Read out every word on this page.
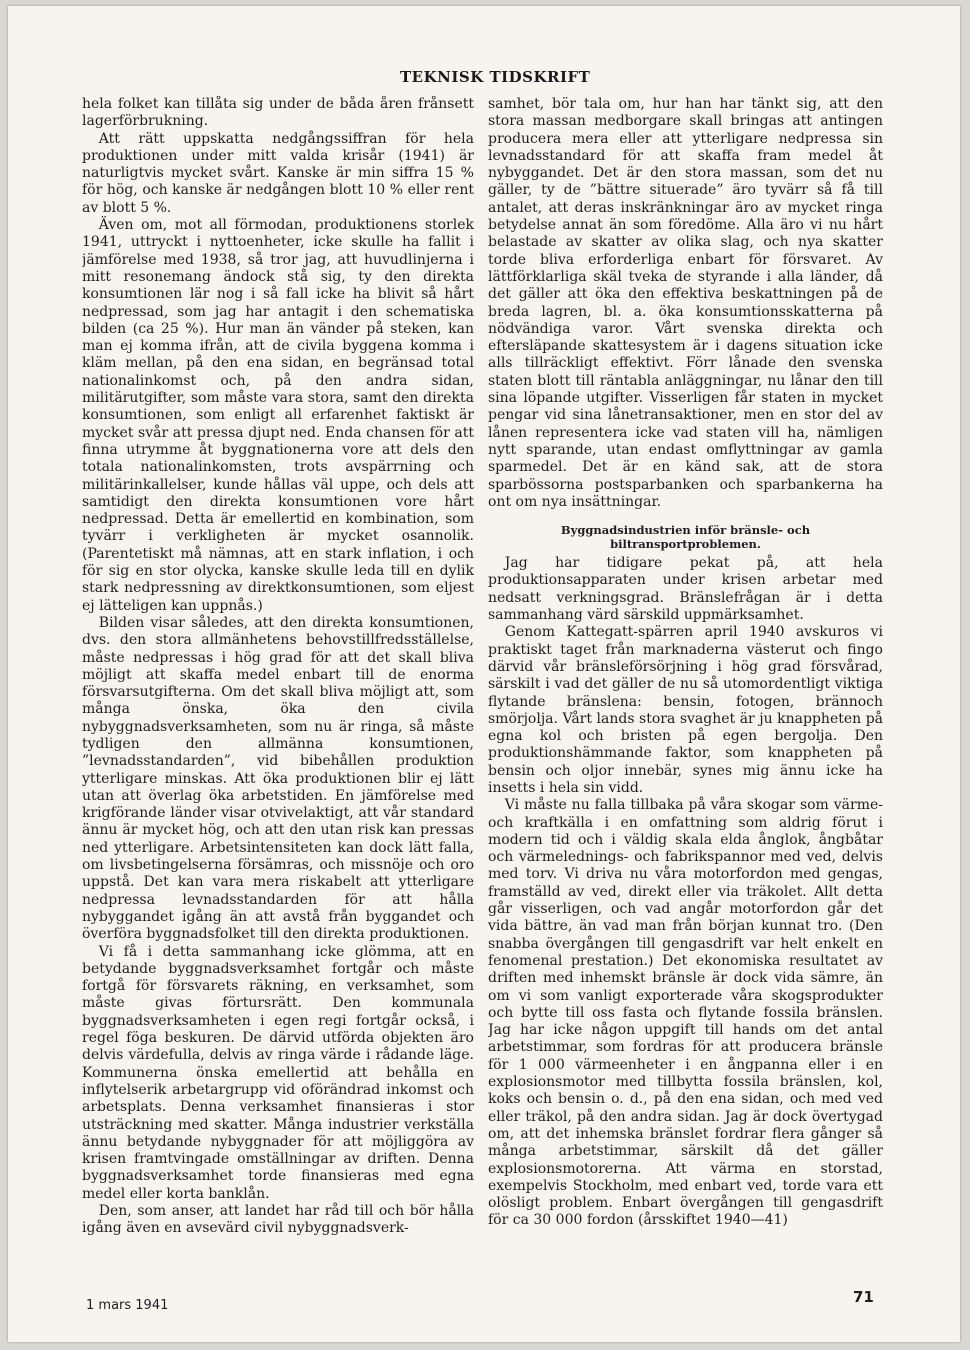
TEKNISK TIDSKRIFT

hela folket kan tillåta sig under de båda åren frånsett lagerförbrukning.

Att rätt uppskatta nedgångssiffran för hela produktionen under mitt valda krisår (1941) är naturligtvis mycket svårt. Kanske är min siffra 15 % för hög, och kanske är nedgången blott 10 % eller rent av blott 5 %.

Även om, mot all förmodan, produktionens storlek 1941, uttryckt i nyttoenheter, icke skulle ha fallit i jämförelse med 1938, så tror jag, att huvudlinjerna i mitt resonemang ändock stå sig, ty den direkta konsumtionen lär nog i så fall icke ha blivit så hårt nedpressad, som jag har antagit i den schematiska bilden (ca 25 %). Hur man än vänder på steken, kan man ej komma ifrån, att de civila byggena komma i kläm mellan, på den ena sidan, en begränsad total nationalinkomst och, på den andra sidan, militärutgifter, som måste vara stora, samt den direkta konsumtionen, som enligt all erfarenhet faktiskt är mycket svår att pressa djupt ned. Enda chansen för att finna utrymme åt byggnationerna vore att dels den totala nationalinkomsten, trots avspärrning och militärinkallelser, kunde hållas väl uppe, och dels att samtidigt den direkta konsumtionen vore hårt nedpressad. Detta är emellertid en kombination, som tyvärr i verkligheten är mycket osannolik. (Parentetiskt må nämnas, att en stark inflation, i och för sig en stor olycka, kanske skulle leda till en dylik stark nedpressning av direktkonsumtionen, som eljest ej lätteligen kan uppnås.)

Bilden visar således, att den direkta konsumtionen, dvs. den stora allmänhetens behovstillfredsställelse, måste nedpressas i hög grad för att det skall bliva möjligt att skaffa medel enbart till de enorma försvarsutgifterna. Om det skall bliva möjligt att, som många önska, öka den civila nybyggnadsverksamheten, som nu är ringa, så måste tydligen den allmänna konsumtionen, ”levnadsstandarden”, vid bibehållen produktion ytterligare minskas. Att öka produktionen blir ej lätt utan att överlag öka arbetstiden. En jämförelse med krigförande länder visar otvivelaktigt, att vår standard ännu är mycket hög, och att den utan risk kan pressas ned ytterligare. Arbetsintensiteten kan dock lätt falla, om livsbetingelserna försämras, och missnöje och oro uppstå. Det kan vara mera riskabelt att ytterligare nedpressa levnadsstandarden för att hålla nybyggandet igång än att avstå från byggandet och överföra byggnadsfolket till den direkta produktionen.

Vi få i detta sammanhang icke glömma, att en betydande byggnadsverksamhet fortgår och måste fortgå för försvarets räkning, en verksamhet, som måste givas förtursrätt. Den kommunala byggnadsverksamheten i egen regi fortgår också, i regel föga beskuren. De därvid utförda objekten äro delvis värdefulla, delvis av ringa värde i rådande läge. Kommunerna önska emellertid att behålla en inflytelserik arbetargrupp vid oförändrad inkomst och arbetsplats. Denna verksamhet finansieras i stor utsträckning med skatter. Många industrier verkställa ännu betydande nybyggnader för att möjliggöra av krisen framtvingade omställningar av driften. Denna byggnadsverksamhet torde finansieras med egna medel eller korta banklån.

Den, som anser, att landet har råd till och bör hålla igång även en avsevärd civil nybyggnadsverk-

samhet, bör tala om, hur han har tänkt sig, att den stora massan medborgare skall bringas att antingen producera mera eller att ytterligare nedpressa sin levnadsstandard för att skaffa fram medel åt nybyggandet. Det är den stora massan, som det nu gäller, ty de ”bättre situerade” äro tyvärr så få till antalet, att deras inskränkningar äro av mycket ringa betydelse annat än som föredöme. Alla äro vi nu hårt belastade av skatter av olika slag, och nya skatter torde bliva erforderliga enbart för försvaret. Av lättförklarliga skäl tveka de styrande i alla länder, då det gäller att öka den effektiva beskattningen på de breda lagren, bl. a. öka konsumtionsskatterna på nödvändiga varor. Vårt svenska direkta och eftersläpande skattesystem är i dagens situation icke alls tillräckligt effektivt. Förr lånade den svenska staten blott till räntabla anläggningar, nu lånar den till sina löpande utgifter. Visserligen får staten in mycket pengar vid sina lånetransaktioner, men en stor del av lånen representera icke vad staten vill ha, nämligen nytt sparande, utan endast omflyttningar av gamla sparmedel. Det är en känd sak, att de stora sparbössorna postsparbanken och sparbankerna ha ont om nya insättningar.

Byggnadsindustrien inför bränsle- och biltransportproblemen.

Jag har tidigare pekat på, att hela produktionsapparaten under krisen arbetar med nedsatt verkningsgrad. Bränslefrågan är i detta sammanhang värd särskild uppmärksamhet.

Genom Kattegatt-spärren april 1940 avskuros vi praktiskt taget från marknaderna västerut och fingo därvid vår bränsleförsörjning i hög grad försvårad, särskilt i vad det gäller de nu så utomordentligt viktiga flytande bränslena: bensin, fotogen, brännoch smörjolja. Vårt lands stora svaghet är ju knappheten på egna kol och bristen på egen bergolja. Den produktionshämmande faktor, som knappheten på bensin och oljor innebär, synes mig ännu icke ha insetts i hela sin vidd.

Vi måste nu falla tillbaka på våra skogar som värme- och kraftkälla i en omfattning som aldrig förut i modern tid och i väldig skala elda ånglok, ångbåtar och värmelednings- och fabrikspannor med ved, delvis med torv. Vi driva nu våra motorfordon med gengas, framställd av ved, direkt eller via träkolet. Allt detta går visserligen, och vad angår motorfordon går det vida bättre, än vad man från början kunnat tro. (Den snabba övergången till gengasdrift var helt enkelt en fenomenal prestation.) Det ekonomiska resultatet av driften med inhemskt bränsle är dock vida sämre, än om vi som vanligt exporterade våra skogsprodukter och bytte till oss fasta och flytande fossila bränslen. Jag har icke någon uppgift till hands om det antal arbetstimmar, som fordras för att producera bränsle för 1 000 värmeenheter i en ångpanna eller i en explosionsmotor med tillbytta fossila bränslen, kol, koks och bensin o. d., på den ena sidan, och med ved eller träkol, på den andra sidan. Jag är dock övertygad om, att det inhemska bränslet fordrar flera gånger så många arbetstimmar, särskilt då det gäller explosionsmotorerna. Att värma en storstad, exempelvis Stockholm, med enbart ved, torde vara ett olösligt problem. Enbart övergången till gengasdrift för ca 30 000 fordon (årsskiftet 1940—41)

1 mars 1941	71
